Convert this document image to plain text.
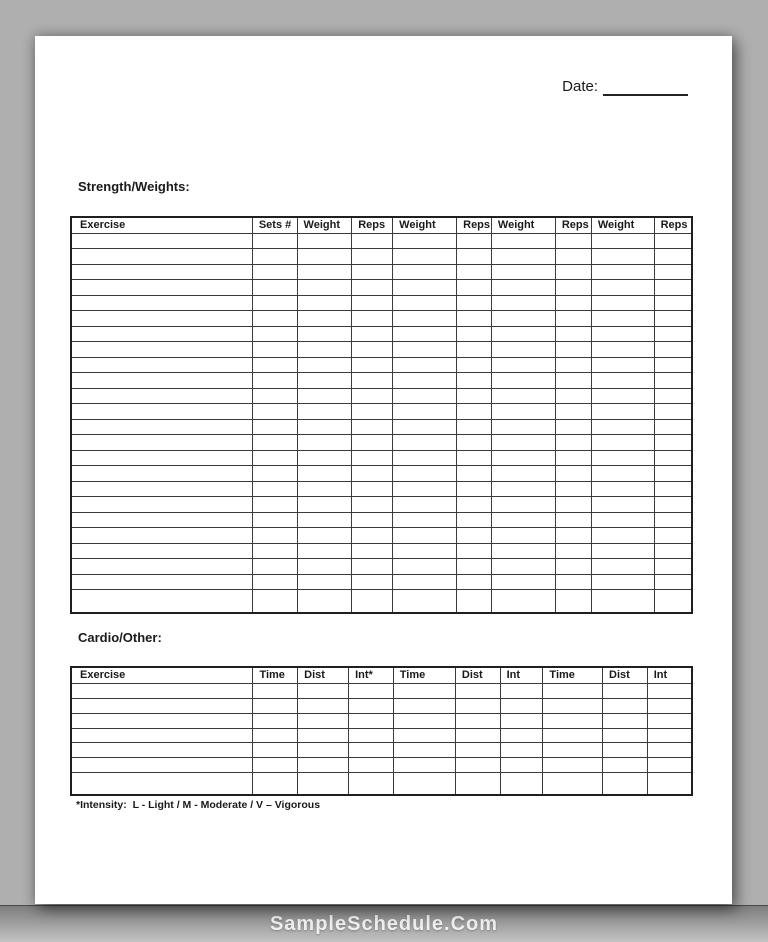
SampleSchedule.Com
Date:
Strength/Weights:
Exercise	Sets #	Weight	Reps	Weight	Reps	Weight	Reps	Weight	Reps

Cardio/Other:
Exercise	Time	Dist	Int*	Time	Dist	Int	Time	Dist	Int

*Intensity:  L - Light / M - Moderate / V – Vigorous
